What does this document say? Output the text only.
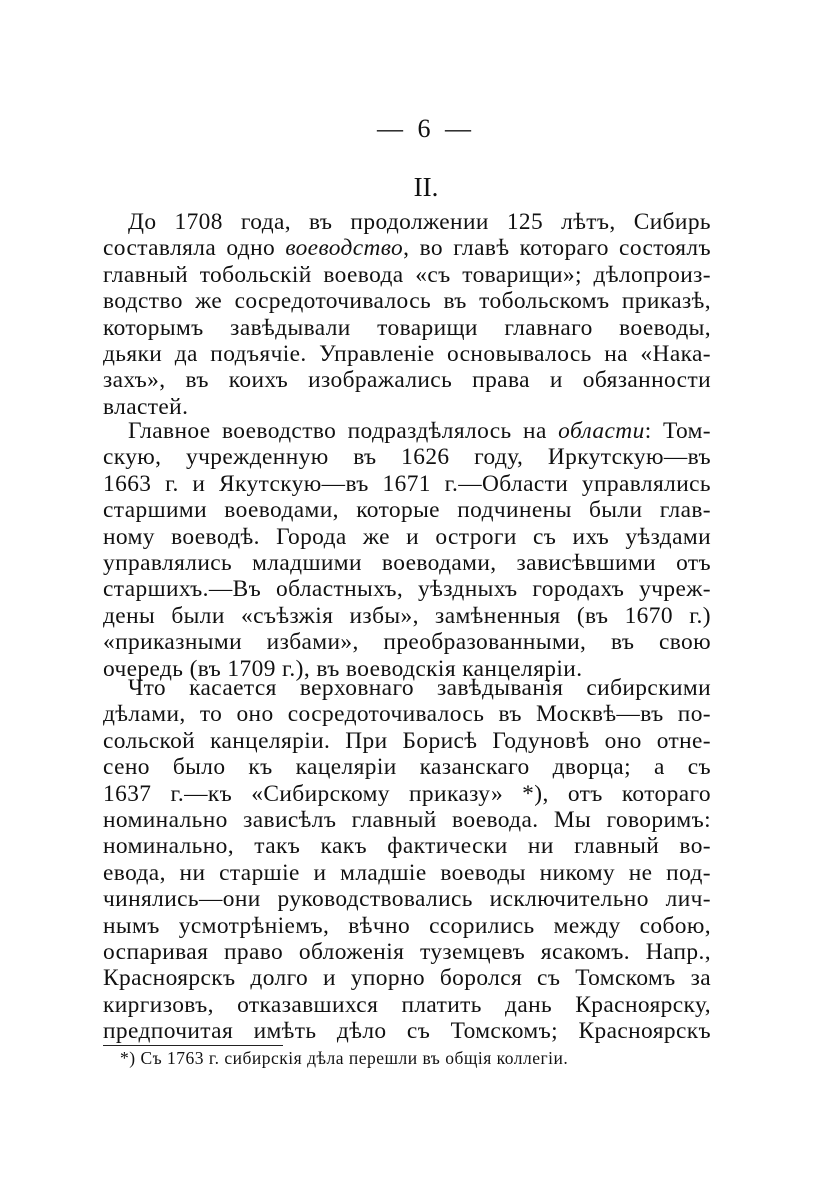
— 6 —
II.
До 1708 года, въ продолжении 125 лѣтъ, Сибирь
составляла одно воеводство, во главѣ котораго состоялъ
главный тобольскій воевода «съ товарищи»; дѣлопроиз-
водство же сосредоточивалось въ тобольскомъ приказѣ,
которымъ завѣдывали товарищи главнаго воеводы,
дьяки да подъячіе. Управленіе основывалось на «Нака-
захъ», въ коихъ изображались права и обязанности
властей.
Главное воеводство подраздѣлялось на области: Том-
скую, учрежденную въ 1626 году, Иркутскую—въ
1663 г. и Якутскую—въ 1671 г.—Области управлялись
старшими воеводами, которые подчинены были глав-
ному воеводѣ. Города же и остроги съ ихъ уѣздами
управлялись младшими воеводами, зависѣвшими отъ
старшихъ.—Въ областныхъ, уѣздныхъ городахъ учреж-
дены были «съѣзжія избы», замѣненныя (въ 1670 г.)
«приказными избами», преобразованными, въ свою
очередь (въ 1709 г.), въ воеводскія канцеляріи.
Что касается верховнаго завѣдыванія сибирскими
дѣлами, то оно сосредоточивалось въ Москвѣ—въ по-
сольской канцеляріи. При Борисѣ Годуновѣ оно отне-
сено было къ кацеляріи казанскаго дворца; а съ
1637 г.—къ «Сибирскому приказу» *), отъ котораго
номинально зависѣлъ главный воевода. Мы говоримъ:
номинально, такъ какъ фактически ни главный во-
евода, ни старшіе и младшіе воеводы никому не под-
чинялись—они руководствовались исключительно лич-
нымъ усмотрѣніемъ, вѣчно ссорились между собою,
оспаривая право обложенія туземцевъ ясакомъ. Напр.,
Красноярскъ долго и упорно боролся съ Томскомъ за
киргизовъ, отказавшихся платить дань Красноярску,
предпочитая имѣть дѣло съ Томскомъ; Красноярскъ
*) Съ 1763 г. сибирскія дѣла перешли въ общія коллегіи.
